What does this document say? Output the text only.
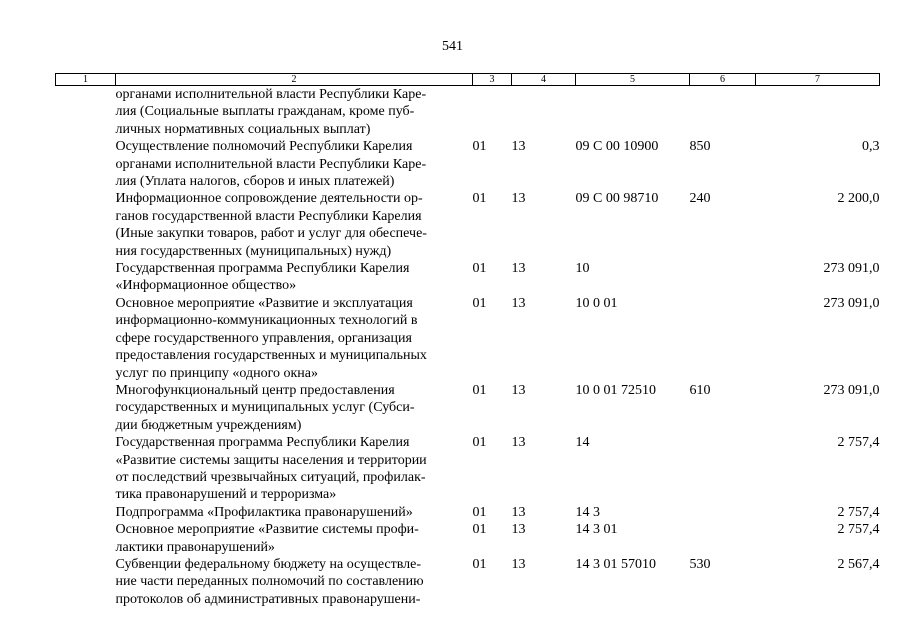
541
1	2	3	4	5	6	7

	органами исполнительной власти Республики Каре-
лия (Социальные выплаты гражданам, кроме пуб-
личных нормативных социальных выплат)					

	Осуществление полномочий Республики Карелия
органами исполнительной власти Республики Каре-
лия (Уплата налогов, сборов и иных платежей)	01	13	09 С 00 10900	850	0,3

	Информационное сопровождение деятельности ор-
ганов государственной власти Республики Карелия
(Иные закупки товаров, работ и услуг для обеспече-
ния государственных (муниципальных) нужд)	01	13	09 С 00 98710	240	2 200,0

	Государственная программа Республики Карелия
«Информационное общество»	01	13	10		273 091,0

	Основное мероприятие «Развитие и эксплуатация
информационно-коммуникационных технологий в
сфере государственного управления, организация
предоставления государственных и муниципальных
услуг по принципу «одного окна»	01	13	10 0 01		273 091,0

	Многофункциональный центр предоставления
государственных и муниципальных услуг (Субси-
дии бюджетным учреждениям)	01	13	10 0 01 72510	610	273 091,0

	Государственная программа Республики Карелия
«Развитие системы защиты населения и территории
от последствий чрезвычайных ситуаций, профилак-
тика правонарушений и терроризма»	01	13	14		2 757,4

	Подпрограмма «Профилактика правонарушений»	01	13	14 3		2 757,4

	Основное мероприятие «Развитие системы профи-
лактики правонарушений»	01	13	14 3 01		2 757,4

	Субвенции федеральному бюджету на осуществле-
ние части переданных полномочий по составлению
протоколов об административных правонарушени-	01	13	14 3 01 57010	530	2 567,4
